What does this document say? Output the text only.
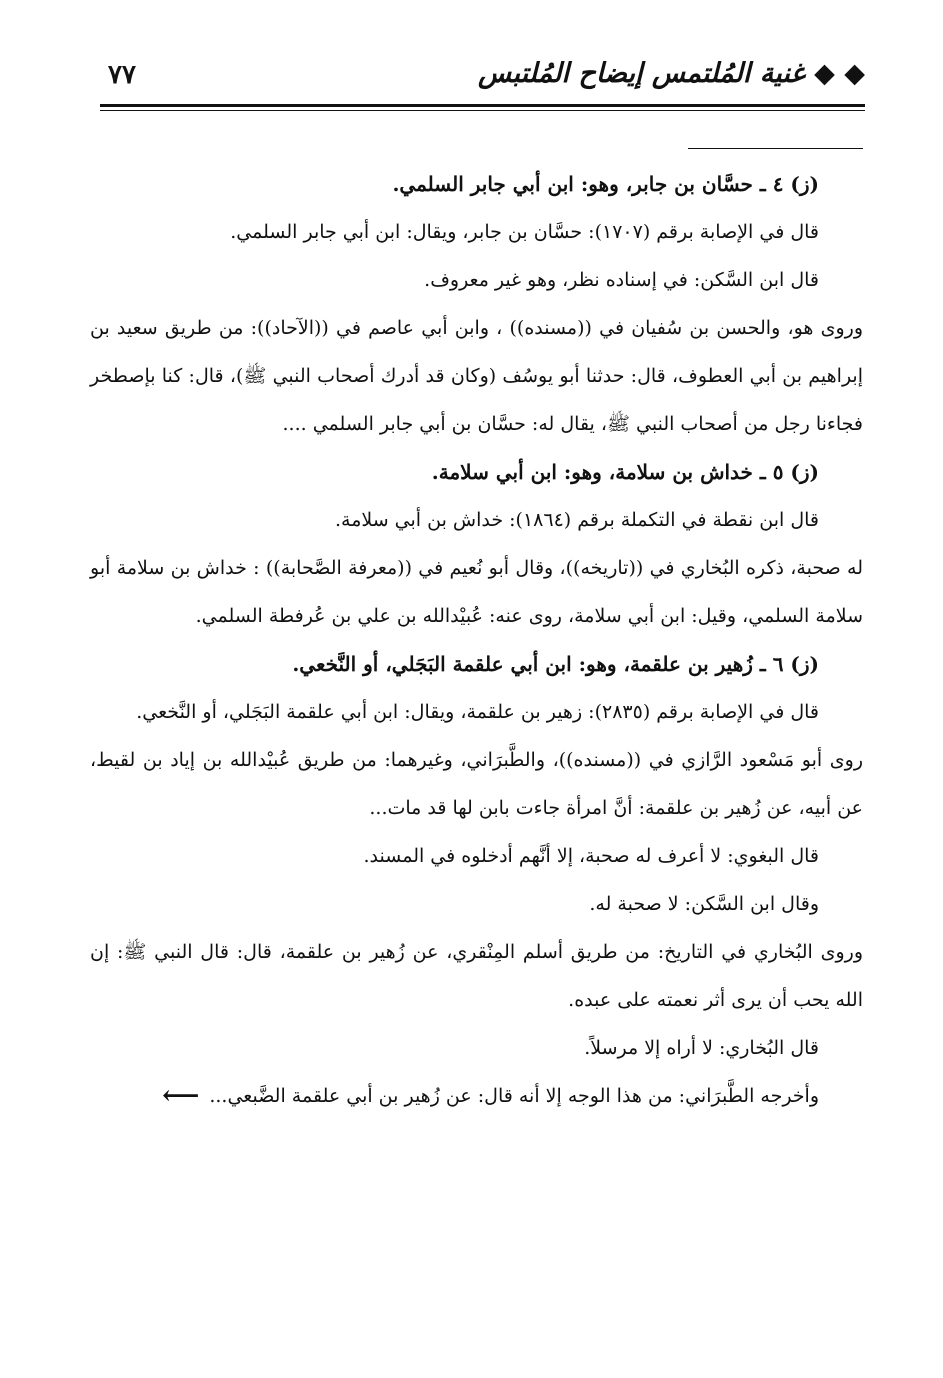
◆ ◆ غنية المُلتمس إيضاح المُلتبس
٧٧

(ز) ٤ ـ حسَّان بن جابر، وهو: ابن أبي جابر السلمي.

قال في الإصابة برقم (١٧٠٧): حسَّان بن جابر، ويقال: ابن أبي جابر السلمي.

قال ابن السَّكن: في إسناده نظر، وهو غير معروف.

وروى هو، والحسن بن سُفيان في ((مسنده)) ، وابن أبي عاصم في ((الآحاد)): من طريق سعيد بن إبراهيم بن أبي العطوف، قال: حدثنا أبو يوسُف (وكان قد أدرك أصحاب النبي ﷺ)، قال: كنا بإصطخر فجاءنا رجل من أصحاب النبي ﷺ، يقال له: حسَّان بن أبي جابر السلمي ....

(ز) ٥ ـ خداش بن سلامة، وهو: ابن أبي سلامة.

قال ابن نقطة في التكملة برقم (١٨٦٤): خداش بن أبي سلامة.

له صحبة، ذكره البُخاري في ((تاريخه))، وقال أبو نُعيم في ((معرفة الصَّحابة)) : خداش بن سلامة أبو سلامة السلمي، وقيل: ابن أبي سلامة، روى عنه: عُبيْدالله بن علي بن عُرفطة السلمي.

(ز) ٦ ـ زُهير بن علقمة، وهو: ابن أبي علقمة البَجَلي، أو النَّخعي.

قال في الإصابة برقم (٢٨٣٥): زهير بن علقمة، ويقال: ابن أبي علقمة البَجَلي، أو النَّخعي.

روى أبو مَسْعود الرَّازي في ((مسنده))، والطَّبرَاني، وغيرهما: من طريق عُبيْدالله بن إياد بن لقيط، عن أبيه، عن زُهير بن علقمة: أنَّ امرأة جاءت بابن لها قد مات...

قال البغوي: لا أعرف له صحبة، إلا أنَّهم أدخلوه في المسند.

وقال ابن السَّكن: لا صحبة له.

وروى البُخاري في التاريخ: من طريق أسلم المِنْقري، عن زُهير بن علقمة، قال: قال النبي ﷺ: إن الله يحب أن يرى أثر نعمته على عبده.

قال البُخاري: لا أراه إلا مرسلاً.

وأخرجه الطَّبرَاني: من هذا الوجه إلا أنه قال: عن زُهير بن أبي علقمة الضَّبعي...
⟵
